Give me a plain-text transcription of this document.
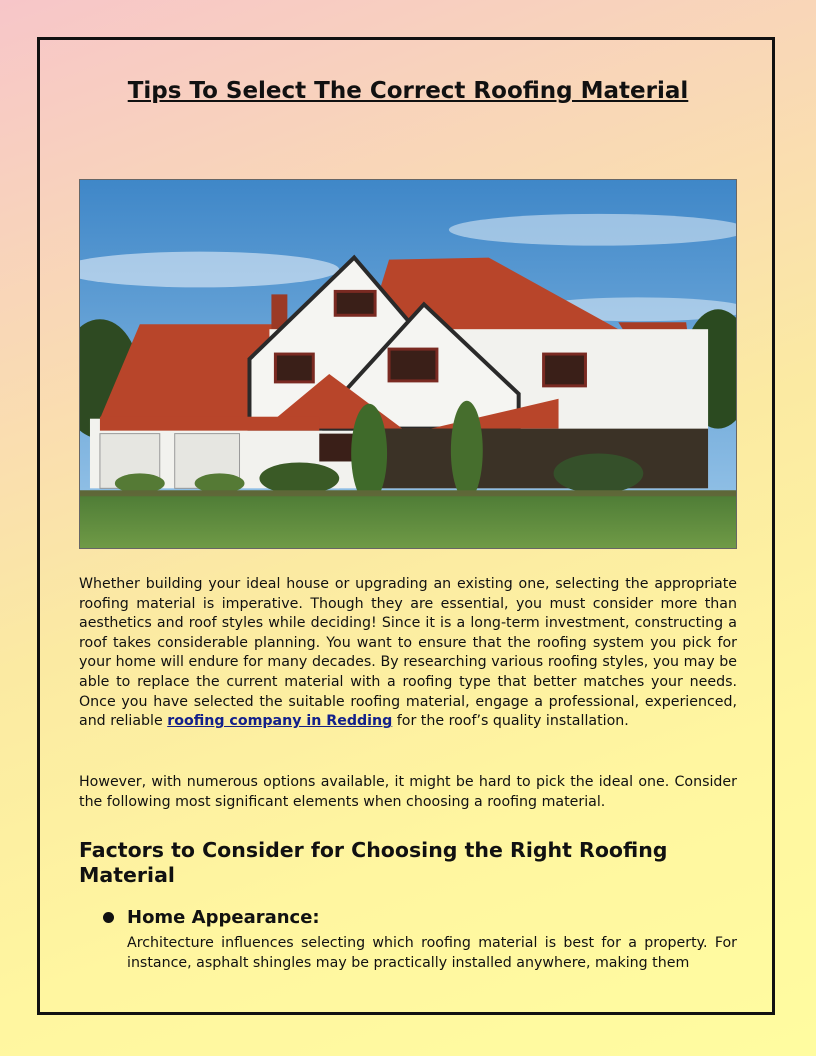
Tips To Select The Correct Roofing Material

Whether building your ideal house or upgrading an existing one, selecting the appropriate roofing material is imperative. Though they are essential, you must consider more than aesthetics and roof styles while deciding! Since it is a long-term investment, constructing a roof takes considerable planning. You want to ensure that the roofing system you pick for your home will endure for many decades. By researching various roofing styles, you may be able to replace the current material with a roofing type that better matches your needs. Once you have selected the suitable roofing material, engage a professional, experienced, and reliable roofing company in Redding for the roof’s quality installation.

However, with numerous options available, it might be hard to pick the ideal one. Consider the following most significant elements when choosing a roofing material.

Factors to Consider for Choosing the Right Roofing Material
Home Appearance:

Architecture influences selecting which roofing material is best for a property. For instance, asphalt shingles may be practically installed anywhere, making them
